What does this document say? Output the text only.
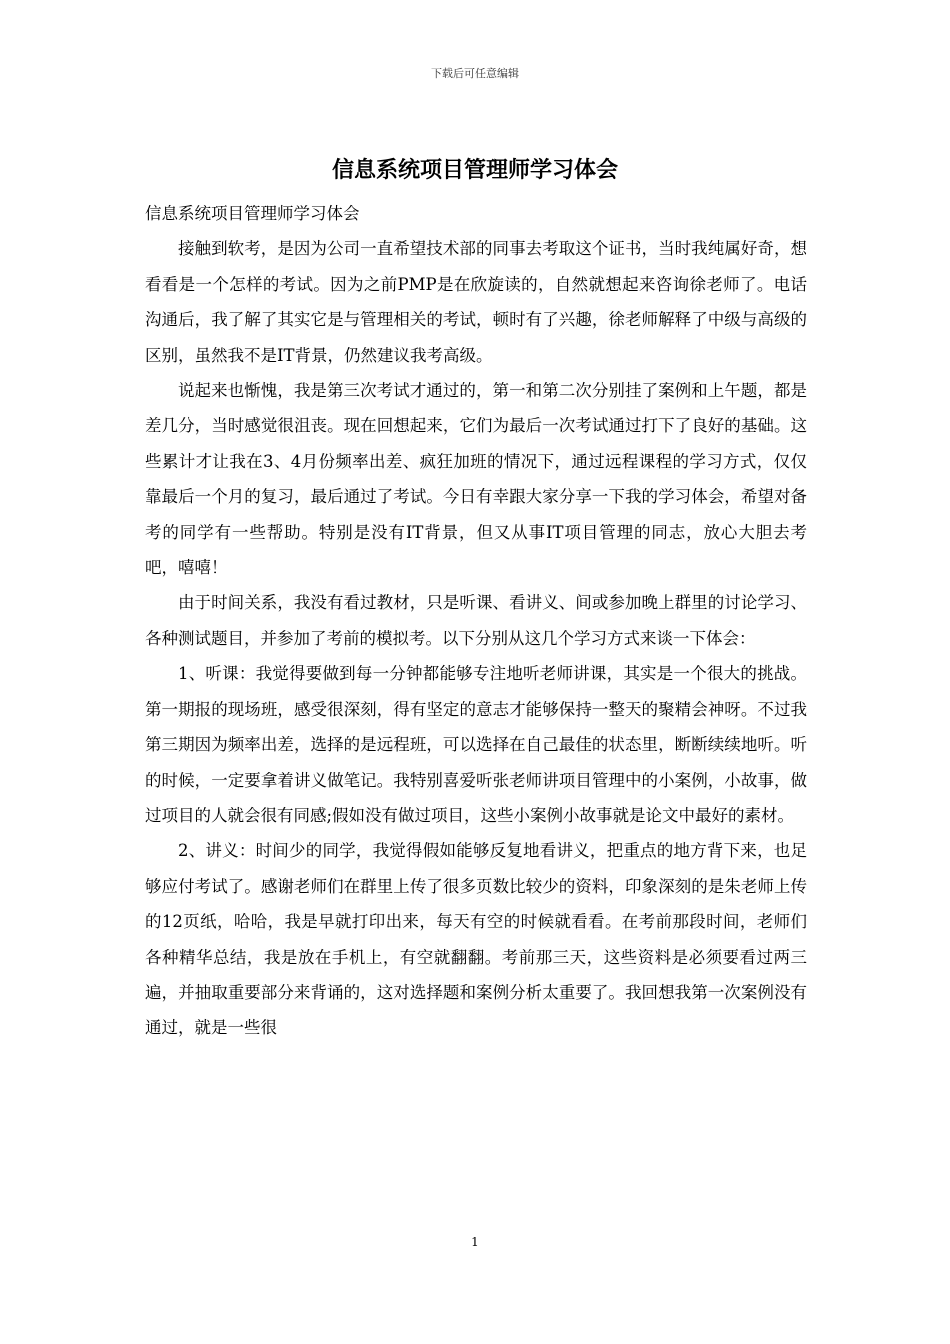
下载后可任意编辑
信息系统项目管理师学习体会

信息系统项目管理师学习体会

接触到软考，是因为公司一直希望技术部的同事去考取这个证书，当时我纯属好奇，想看看是一个怎样的考试。因为之前PMP是在欣旋读的，自然就想起来咨询徐老师了。电话沟通后，我了解了其实它是与管理相关的考试，顿时有了兴趣，徐老师解释了中级与高级的区别，虽然我不是IT背景，仍然建议我考高级。

说起来也惭愧，我是第三次考试才通过的，第一和第二次分别挂了案例和上午题，都是差几分，当时感觉很沮丧。现在回想起来，它们为最后一次考试通过打下了良好的基础。这些累计才让我在3、4月份频率出差、疯狂加班的情况下，通过远程课程的学习方式，仅仅靠最后一个月的复习，最后通过了考试。今日有幸跟大家分享一下我的学习体会，希望对备考的同学有一些帮助。特别是没有IT背景，但又从事IT项目管理的同志，放心大胆去考吧，嘻嘻！

由于时间关系，我没有看过教材，只是听课、看讲义、间或参加晚上群里的讨论学习、各种测试题目，并参加了考前的模拟考。以下分别从这几个学习方式来谈一下体会：

1、听课：我觉得要做到每一分钟都能够专注地听老师讲课，其实是一个很大的挑战。第一期报的现场班，感受很深刻，得有坚定的意志才能够保持一整天的聚精会神呀。不过我第三期因为频率出差，选择的是远程班，可以选择在自己最佳的状态里，断断续续地听。听的时候，一定要拿着讲义做笔记。我特别喜爱听张老师讲项目管理中的小案例，小故事，做过项目的人就会很有同感;假如没有做过项目，这些小案例小故事就是论文中最好的素材。

2、讲义：时间少的同学，我觉得假如能够反复地看讲义，把重点的地方背下来，也足够应付考试了。感谢老师们在群里上传了很多页数比较少的资料，印象深刻的是朱老师上传的12页纸，哈哈，我是早就打印出来，每天有空的时候就看看。在考前那段时间，老师们各种精华总结，我是放在手机上，有空就翻翻。考前那三天，这些资料是必须要看过两三遍，并抽取重要部分来背诵的，这对选择题和案例分析太重要了。我回想我第一次案例没有通过，就是一些很

1
